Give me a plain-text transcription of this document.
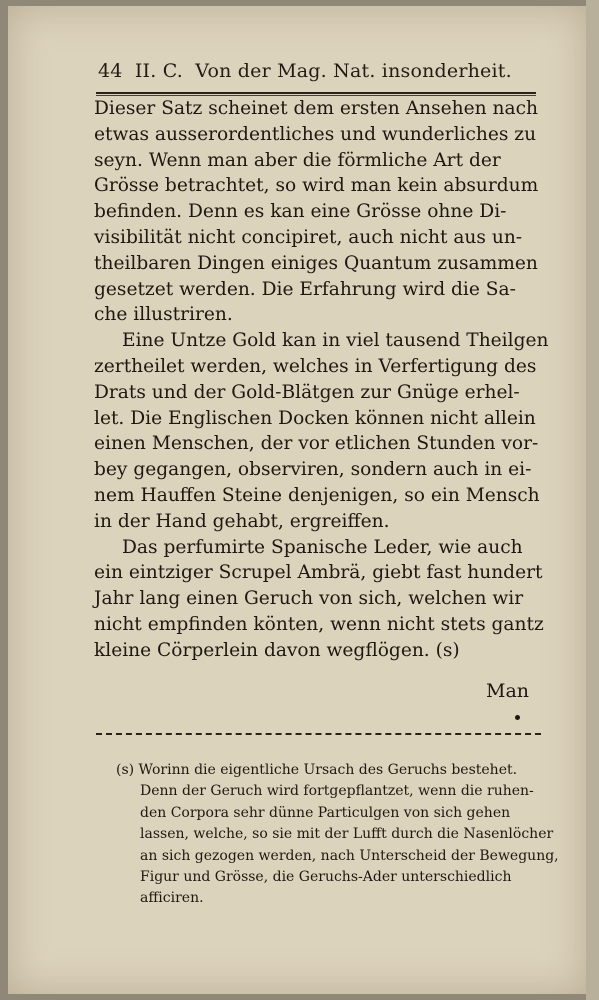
44 II. C. Von der Mag. Nat. insonderheit.
Dieser Satz scheinet dem ersten Ansehen nach
etwas ausserordentliches und wunderliches zu
seyn. Wenn man aber die förmliche Art der
Grösse betrachtet, so wird man kein absurdum
befinden. Denn es kan eine Grösse ohne Di-
visibilität nicht concipiret, auch nicht aus un-
theilbaren Dingen einiges Quantum zusammen
gesetzet werden. Die Erfahrung wird die Sa-
che illustriren.
Eine Untze Gold kan in viel tausend Theilgen
zertheilet werden, welches in Verfertigung des
Drats und der Gold-Blätgen zur Gnüge erhel-
let. Die Englischen Docken können nicht allein
einen Menschen, der vor etlichen Stunden vor-
bey gegangen, observiren, sondern auch in ei-
nem Hauffen Steine denjenigen, so ein Mensch
in der Hand gehabt, ergreiffen.
Das perfumirte Spanische Leder, wie auch
ein eintziger Scrupel Ambrä, giebt fast hundert
Jahr lang einen Geruch von sich, welchen wir
nicht empfinden könten, wenn nicht stets gantz
kleine Cörperlein davon wegflögen. (s)
Man
(s) Worinn die eigentliche Ursach des Geruchs bestehet.
Denn der Geruch wird fortgepflantzet, wenn die ruhen-
den Corpora sehr dünne Particulgen von sich gehen
lassen, welche, so sie mit der Lufft durch die Nasenlöcher
an sich gezogen werden, nach Unterscheid der Bewegung,
Figur und Grösse, die Geruchs-Ader unterschiedlich
afficiren.
